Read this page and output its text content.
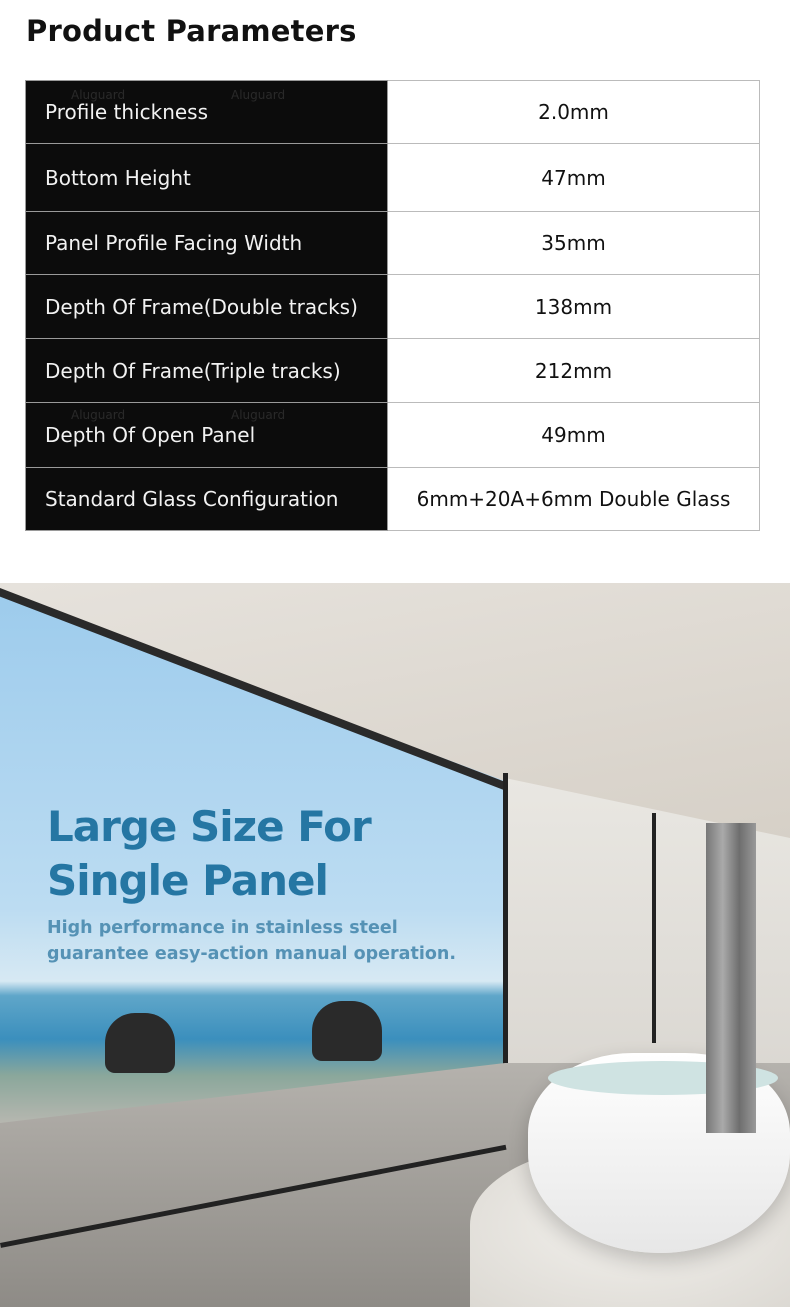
Product Parameters
Profile thickness	2.0mm
Bottom Height	47mm
Panel Profile Facing Width	35mm
Depth Of Frame(Double tracks)	138mm
Depth Of Frame(Triple tracks)	212mm
Depth Of Open Panel	49mm
Standard Glass Configuration	6mm+20A+6mm Double Glass
Large Size For
Single Panel
High performance in stainless steel
guarantee easy-action manual operation.
